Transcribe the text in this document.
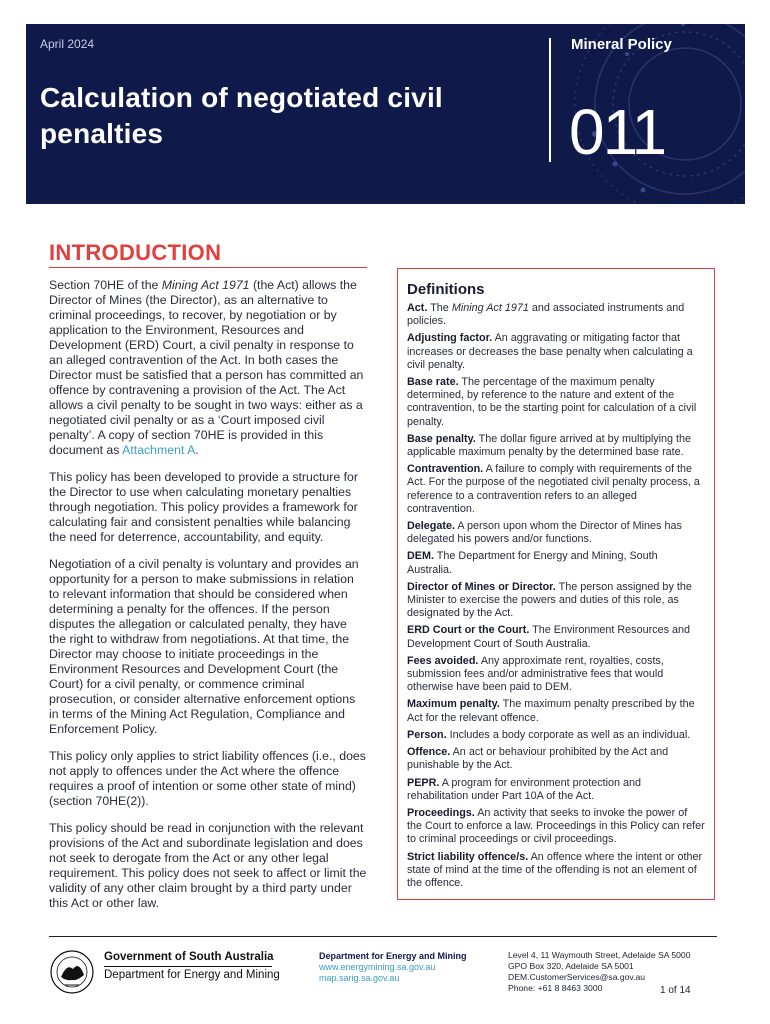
April 2024
Calculation of negotiated civil penalties
Mineral Policy
011
INTRODUCTION

Section 70HE of the Mining Act 1971 (the Act) allows the Director of Mines (the Director), as an alternative to criminal proceedings, to recover, by negotiation or by application to the Environment, Resources and Development (ERD) Court, a civil penalty in response to an alleged contravention of the Act. In both cases the Director must be satisfied that a person has committed an offence by contravening a provision of the Act. The Act allows a civil penalty to be sought in two ways: either as a negotiated civil penalty or as a ‘Court imposed civil penalty’. A copy of section 70HE is provided in this document as Attachment A.

This policy has been developed to provide a structure for the Director to use when calculating monetary penalties through negotiation. This policy provides a framework for calculating fair and consistent penalties while balancing the need for deterrence, accountability, and equity.

Negotiation of a civil penalty is voluntary and provides an opportunity for a person to make submissions in relation to relevant information that should be considered when determining a penalty for the offences. If the person disputes the allegation or calculated penalty, they have the right to withdraw from negotiations. At that time, the Director may choose to initiate proceedings in the Environment Resources and Development Court (the Court) for a civil penalty, or commence criminal prosecution, or consider alternative enforcement options in terms of the Mining Act Regulation, Compliance and Enforcement Policy.

This policy only applies to strict liability offences (i.e., does not apply to offences under the Act where the offence requires a proof of intention or some other state of mind) (section 70HE(2)).

This policy should be read in conjunction with the relevant provisions of the Act and subordinate legislation and does not seek to derogate from the Act or any other legal requirement. This policy does not seek to affect or limit the validity of any other claim brought by a third party under this Act or other law.

Definitions
Act. The Mining Act 1971 and associated instruments and policies.
Adjusting factor. An aggravating or mitigating factor that increases or decreases the base penalty when calculating a civil penalty.
Base rate. The percentage of the maximum penalty determined, by reference to the nature and extent of the contravention, to be the starting point for calculation of a civil penalty.
Base penalty. The dollar figure arrived at by multiplying the applicable maximum penalty by the determined base rate.
Contravention. A failure to comply with requirements of the Act. For the purpose of the negotiated civil penalty process, a reference to a contravention refers to an alleged contravention.
Delegate. A person upon whom the Director of Mines has delegated his powers and/or functions.
DEM. The Department for Energy and Mining, South Australia.
Director of Mines or Director. The person assigned by the Minister to exercise the powers and duties of this role, as designated by the Act.
ERD Court or the Court. The Environment Resources and Development Court of South Australia.
Fees avoided. Any approximate rent, royalties, costs, submission fees and/or administrative fees that would otherwise have been paid to DEM.
Maximum penalty. The maximum penalty prescribed by the Act for the relevant offence.
Person. Includes a body corporate as well as an individual.
Offence. An act or behaviour prohibited by the Act and punishable by the Act.
PEPR. A program for environment protection and rehabilitation under Part 10A of the Act.
Proceedings. An activity that seeks to invoke the power of the Court to enforce a law. Proceedings in this Policy can refer to criminal proceedings or civil proceedings.
Strict liability offence/s. An offence where the intent or other state of mind at the time of the offending is not an element of the offence.
Government of South Australia
Department for Energy and Mining
Department for Energy and Mining
www.energymining.sa.gov.au
map.sarig.sa.gov.au
Level 4, 11 Waymouth Street, Adelaide SA 5000
GPO Box 320, Adelaide SA 5001
DEM.CustomerServices@sa.gov.au
Phone: +61 8 8463 3000	1 of 14
